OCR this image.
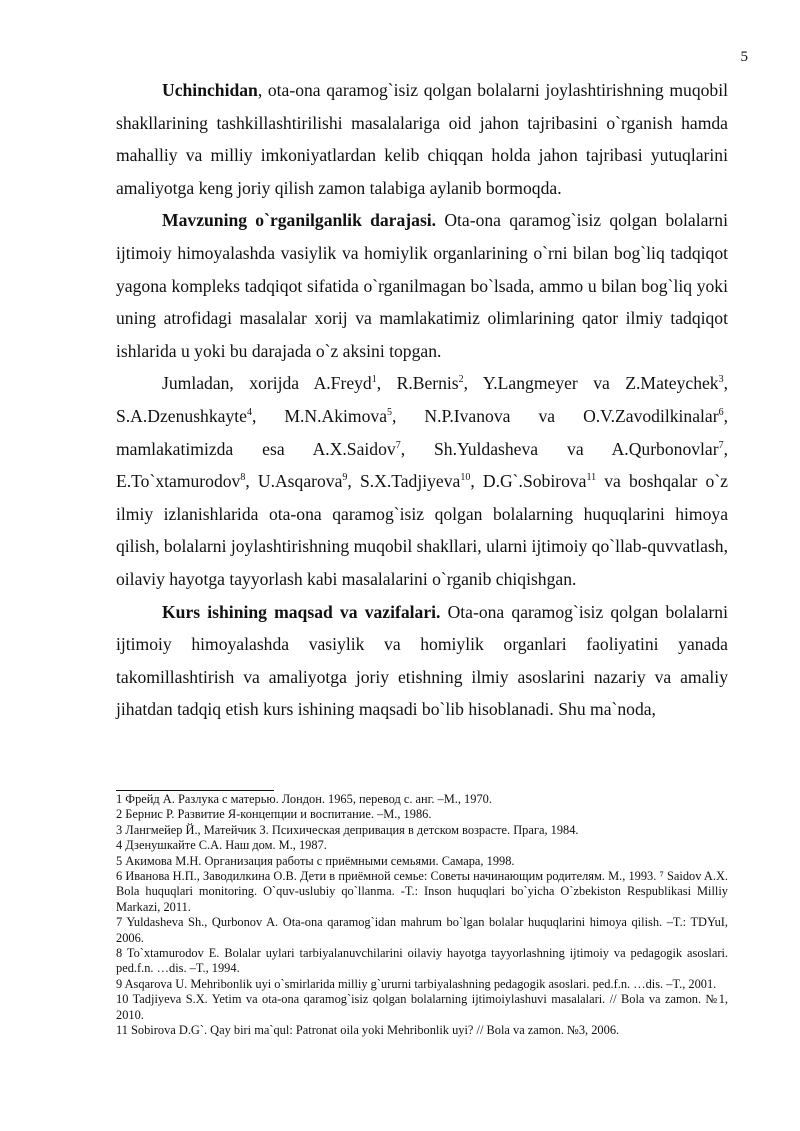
5

Uchinchidan, ota-ona qaramog`isiz qolgan bolalarni joylashtirishning muqobil shakllarining tashkillashtirilishi masalalariga oid jahon tajribasini o`rganish hamda mahalliy va milliy imkoniyatlardan kelib chiqqan holda jahon tajribasi yutuqlarini amaliyotga keng joriy qilish zamon talabiga aylanib bormoqda.

Mavzuning o`rganilganlik darajasi. Ota-ona qaramog`isiz qolgan bolalarni ijtimoiy himoyalashda vasiylik va homiylik organlarining o`rni bilan bog`liq tadqiqot yagona kompleks tadqiqot sifatida o`rganilmagan bo`lsada, ammo u bilan bog`liq yoki uning atrofidagi masalalar xorij va mamlakatimiz olimlarining qator ilmiy tadqiqot ishlarida u yoki bu darajada o`z aksini topgan.

Jumladan, xorijda A.Freyd$^1$, R.Bernis$^2$, Y.Langmeyer va Z.Mateychek$^3$, S.A.Dzenushkayte$^4$, M.N.Akimova$^5$, N.P.Ivanova va O.V.Zavodilkinalar$^6$, mamlakatimizda esa A.X.Saidov$^7$, Sh.Yuldasheva va A.Qurbonovlar$^7$, E.To`xtamurodov$^8$, U.Asqarova$^9$, S.X.Tadjiyeva$^{10}$, D.G`.Sobirova$^{11}$ va boshqalar o`z ilmiy izlanishlarida ota-ona qaramog`isiz qolgan bolalarning huquqlarini himoya qilish, bolalarni joylashtirishning muqobil shakllari, ularni ijtimoiy qo`llab-quvvatlash, oilaviy hayotga tayyorlash kabi masalalarini o`rganib chiqishgan.

Kurs ishining maqsad va vazifalari. Ota-ona qaramog`isiz qolgan bolalarni ijtimoiy himoyalashda vasiylik va homiylik organlari faoliyatini yanada takomillashtirish va amaliyotga joriy etishning ilmiy asoslarini nazariy va amaliy jihatdan tadqiq etish kurs ishining maqsadi bo`lib hisoblanadi. Shu ma`noda,

1 Фрейд А. Разлука с матерью. Лондон. 1965, перевод с. анг. –М., 1970.
2 Бернис Р. Развитие Я-концепции и воспитание. –М., 1986.
3 Лангмейер Й., Матейчик З. Психическая депривация в детском возрасте. Прага, 1984.
4 Дзенушкайте С.А. Наш дом. М., 1987.
5 Акимова М.Н. Организация работы с приёмными семьями. Самара, 1998.
6 Иванова Н.П., Заводилкина О.В. Дети в приёмной семье: Советы начинающим родителям. М., 1993. ⁷ Saidov A.X. Bola huquqlari monitoring. O`quv-uslubiy qo`llanma. -T.: Inson huquqlari bo`yicha O`zbekiston Respublikasi Milliy Markazi, 2011.
7 Yuldasheva Sh., Qurbonov A. Ota-ona qaramog`idan mahrum bo`lgan bolalar huquqlarini himoya qilish. –T.: TDYuI, 2006.
8 To`xtamurodov E. Bolalar uylari tarbiyalanuvchilarini oilaviy hayotga tayyorlashning ijtimoiy va pedagogik asoslari. ped.f.n. …dis. –T., 1994.
9 Asqarova U. Mehribonlik uyi o`smirlarida milliy g`ururni tarbiyalashning pedagogik asoslari. ped.f.n. …dis. –T., 2001.
10 Tadjiyeva S.X. Yetim va ota-ona qaramog`isiz qolgan bolalarning ijtimoiylashuvi masalalari. // Bola va zamon. №1, 2010.
11 Sobirova D.G`. Qay biri ma`qul: Patronat oila yoki Mehribonlik uyi? // Bola va zamon. №3, 2006.
